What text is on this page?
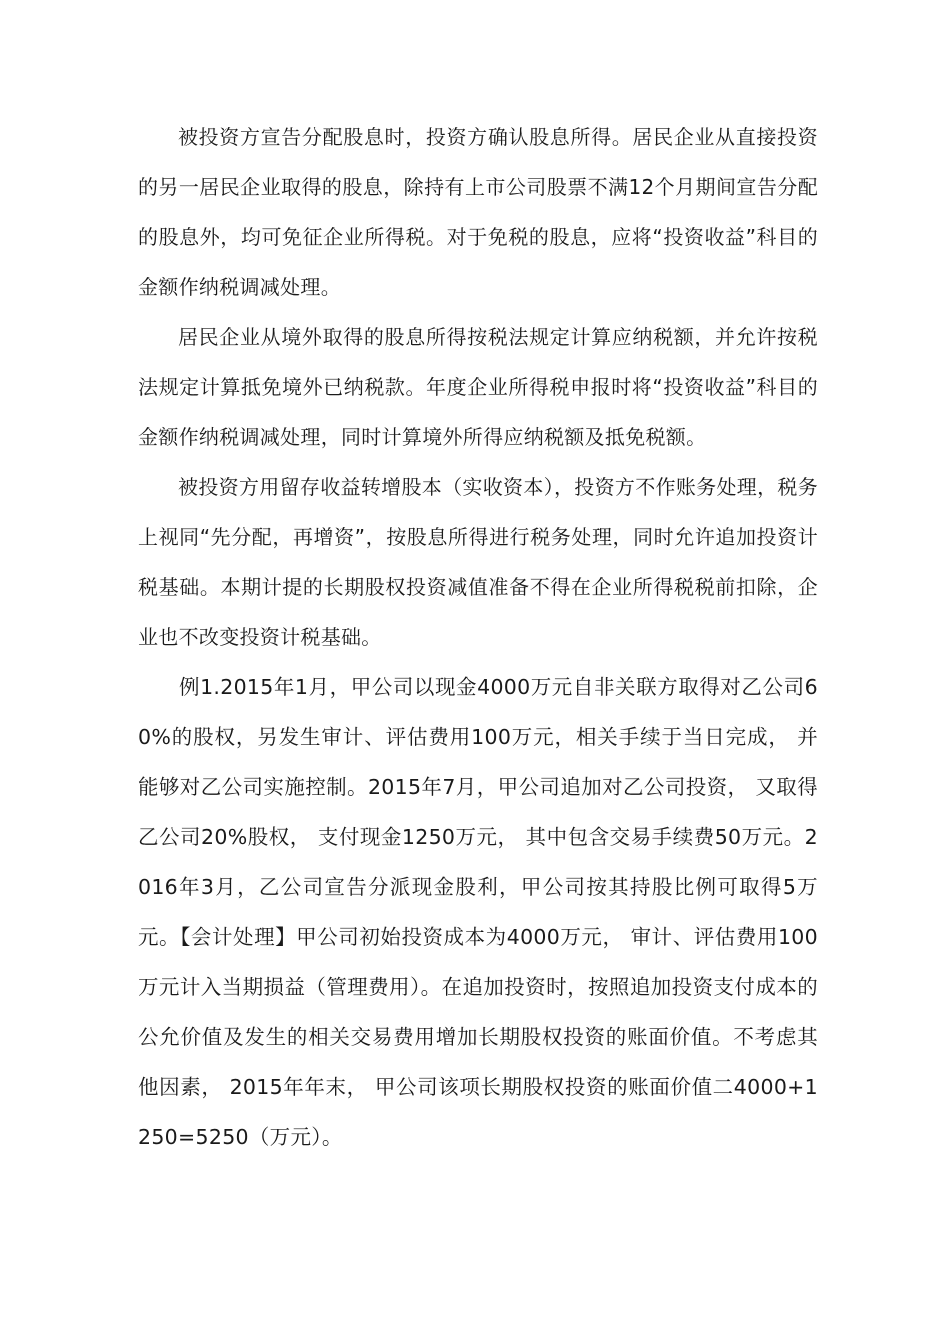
被投资方宣告分配股息时，投资方确认股息所得。居民企业从直接投资的另一居民企业取得的股息，除持有上市公司股票不满12个月期间宣告分配的股息外，均可免征企业所得税。对于免税的股息，应将“投资收益”科目的金额作纳税调减处理。

居民企业从境外取得的股息所得按税法规定计算应纳税额，并允许按税法规定计算抵免境外已纳税款。年度企业所得税申报时将“投资收益”科目的金额作纳税调减处理，同时计算境外所得应纳税额及抵免税额。

被投资方用留存收益转增股本（实收资本），投资方不作账务处理，税务上视同“先分配，再增资”，按股息所得进行税务处理，同时允许追加投资计税基础。本期计提的长期股权投资减值准备不得在企业所得税税前扣除，企业也不改变投资计税基础。

例1.2015年1月，甲公司以现金4000万元自非关联方取得对乙公司60%的股权，另发生审计、评估费用100万元，相关手续于当日完成， 并能够对乙公司实施控制。2015年7月，甲公司追加对乙公司投资， 又取得乙公司20%股权， 支付现金1250万元， 其中包含交易手续费50万元。2016年3月，乙公司宣告分派现金股利，甲公司按其持股比例可取得5万元。【会计处理】甲公司初始投资成本为4000万元， 审计、评估费用100万元计入当期损益（管理费用）。在追加投资时，按照追加投资支付成本的公允价值及发生的相关交易费用增加长期股权投资的账面价值。不考虑其他因素， 2015年年末， 甲公司该项长期股权投资的账面价值二4000+1250=5250（万元）。
